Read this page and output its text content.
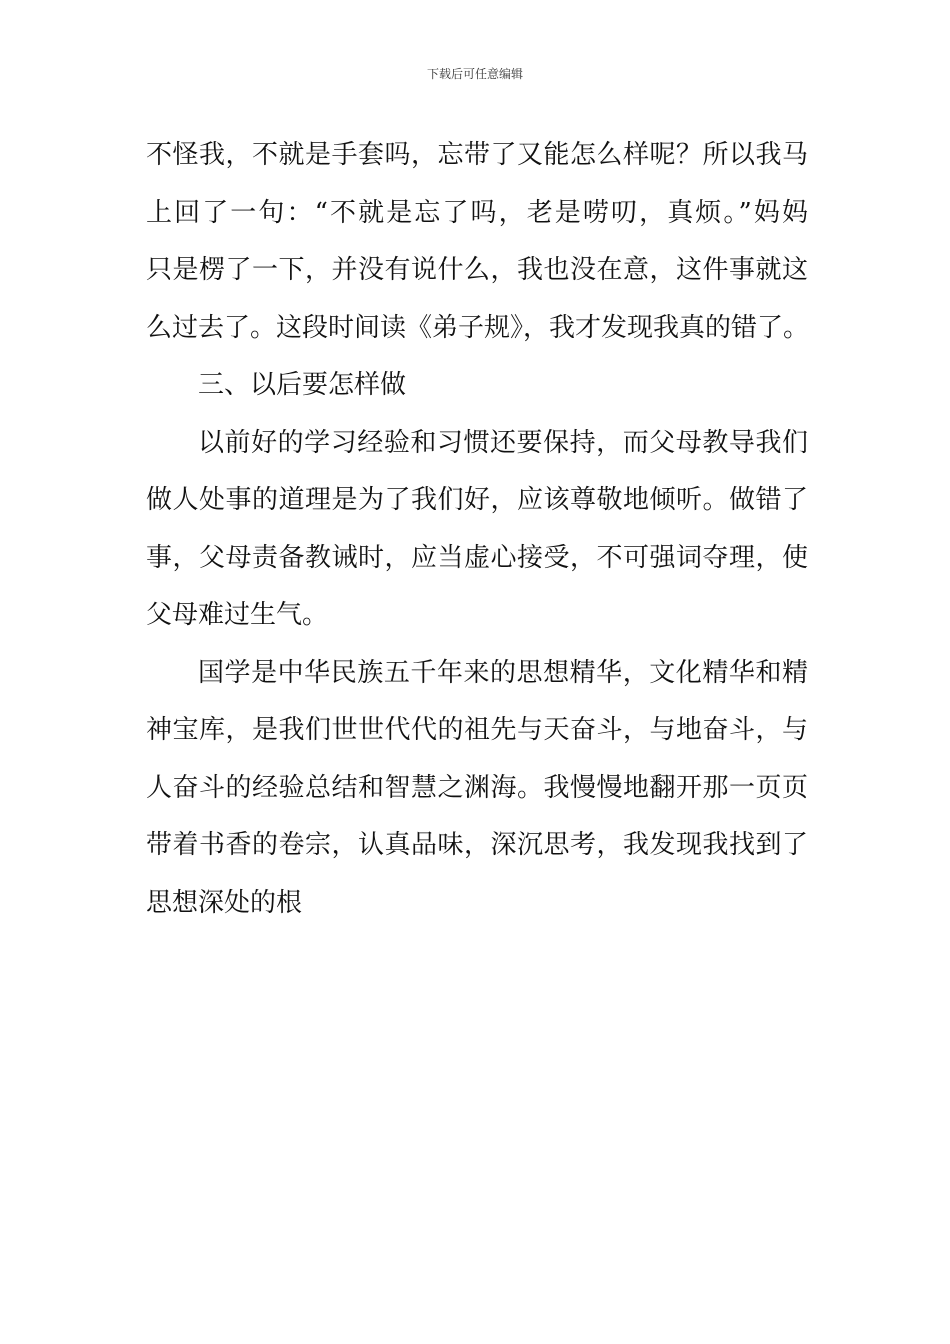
下载后可任意编辑
不怪我，不就是手套吗，忘带了又能怎么样呢？所以我马
上回了一句：“不就是忘了吗，老是唠叨，真烦。”妈妈
只是楞了一下，并没有说什么，我也没在意，这件事就这
么过去了。这段时间读《弟子规》，我才发现我真的错了。
三、以后要怎样做
以前好的学习经验和习惯还要保持，而父母教导我们
做人处事的道理是为了我们好，应该尊敬地倾听。做错了
事，父母责备教诫时，应当虚心接受，不可强词夺理，使
父母难过生气。
国学是中华民族五千年来的思想精华，文化精华和精
神宝库，是我们世世代代的祖先与天奋斗，与地奋斗，与
人奋斗的经验总结和智慧之渊海。我慢慢地翻开那一页页
带着书香的卷宗，认真品味，深沉思考，我发现我找到了
思想深处的根
